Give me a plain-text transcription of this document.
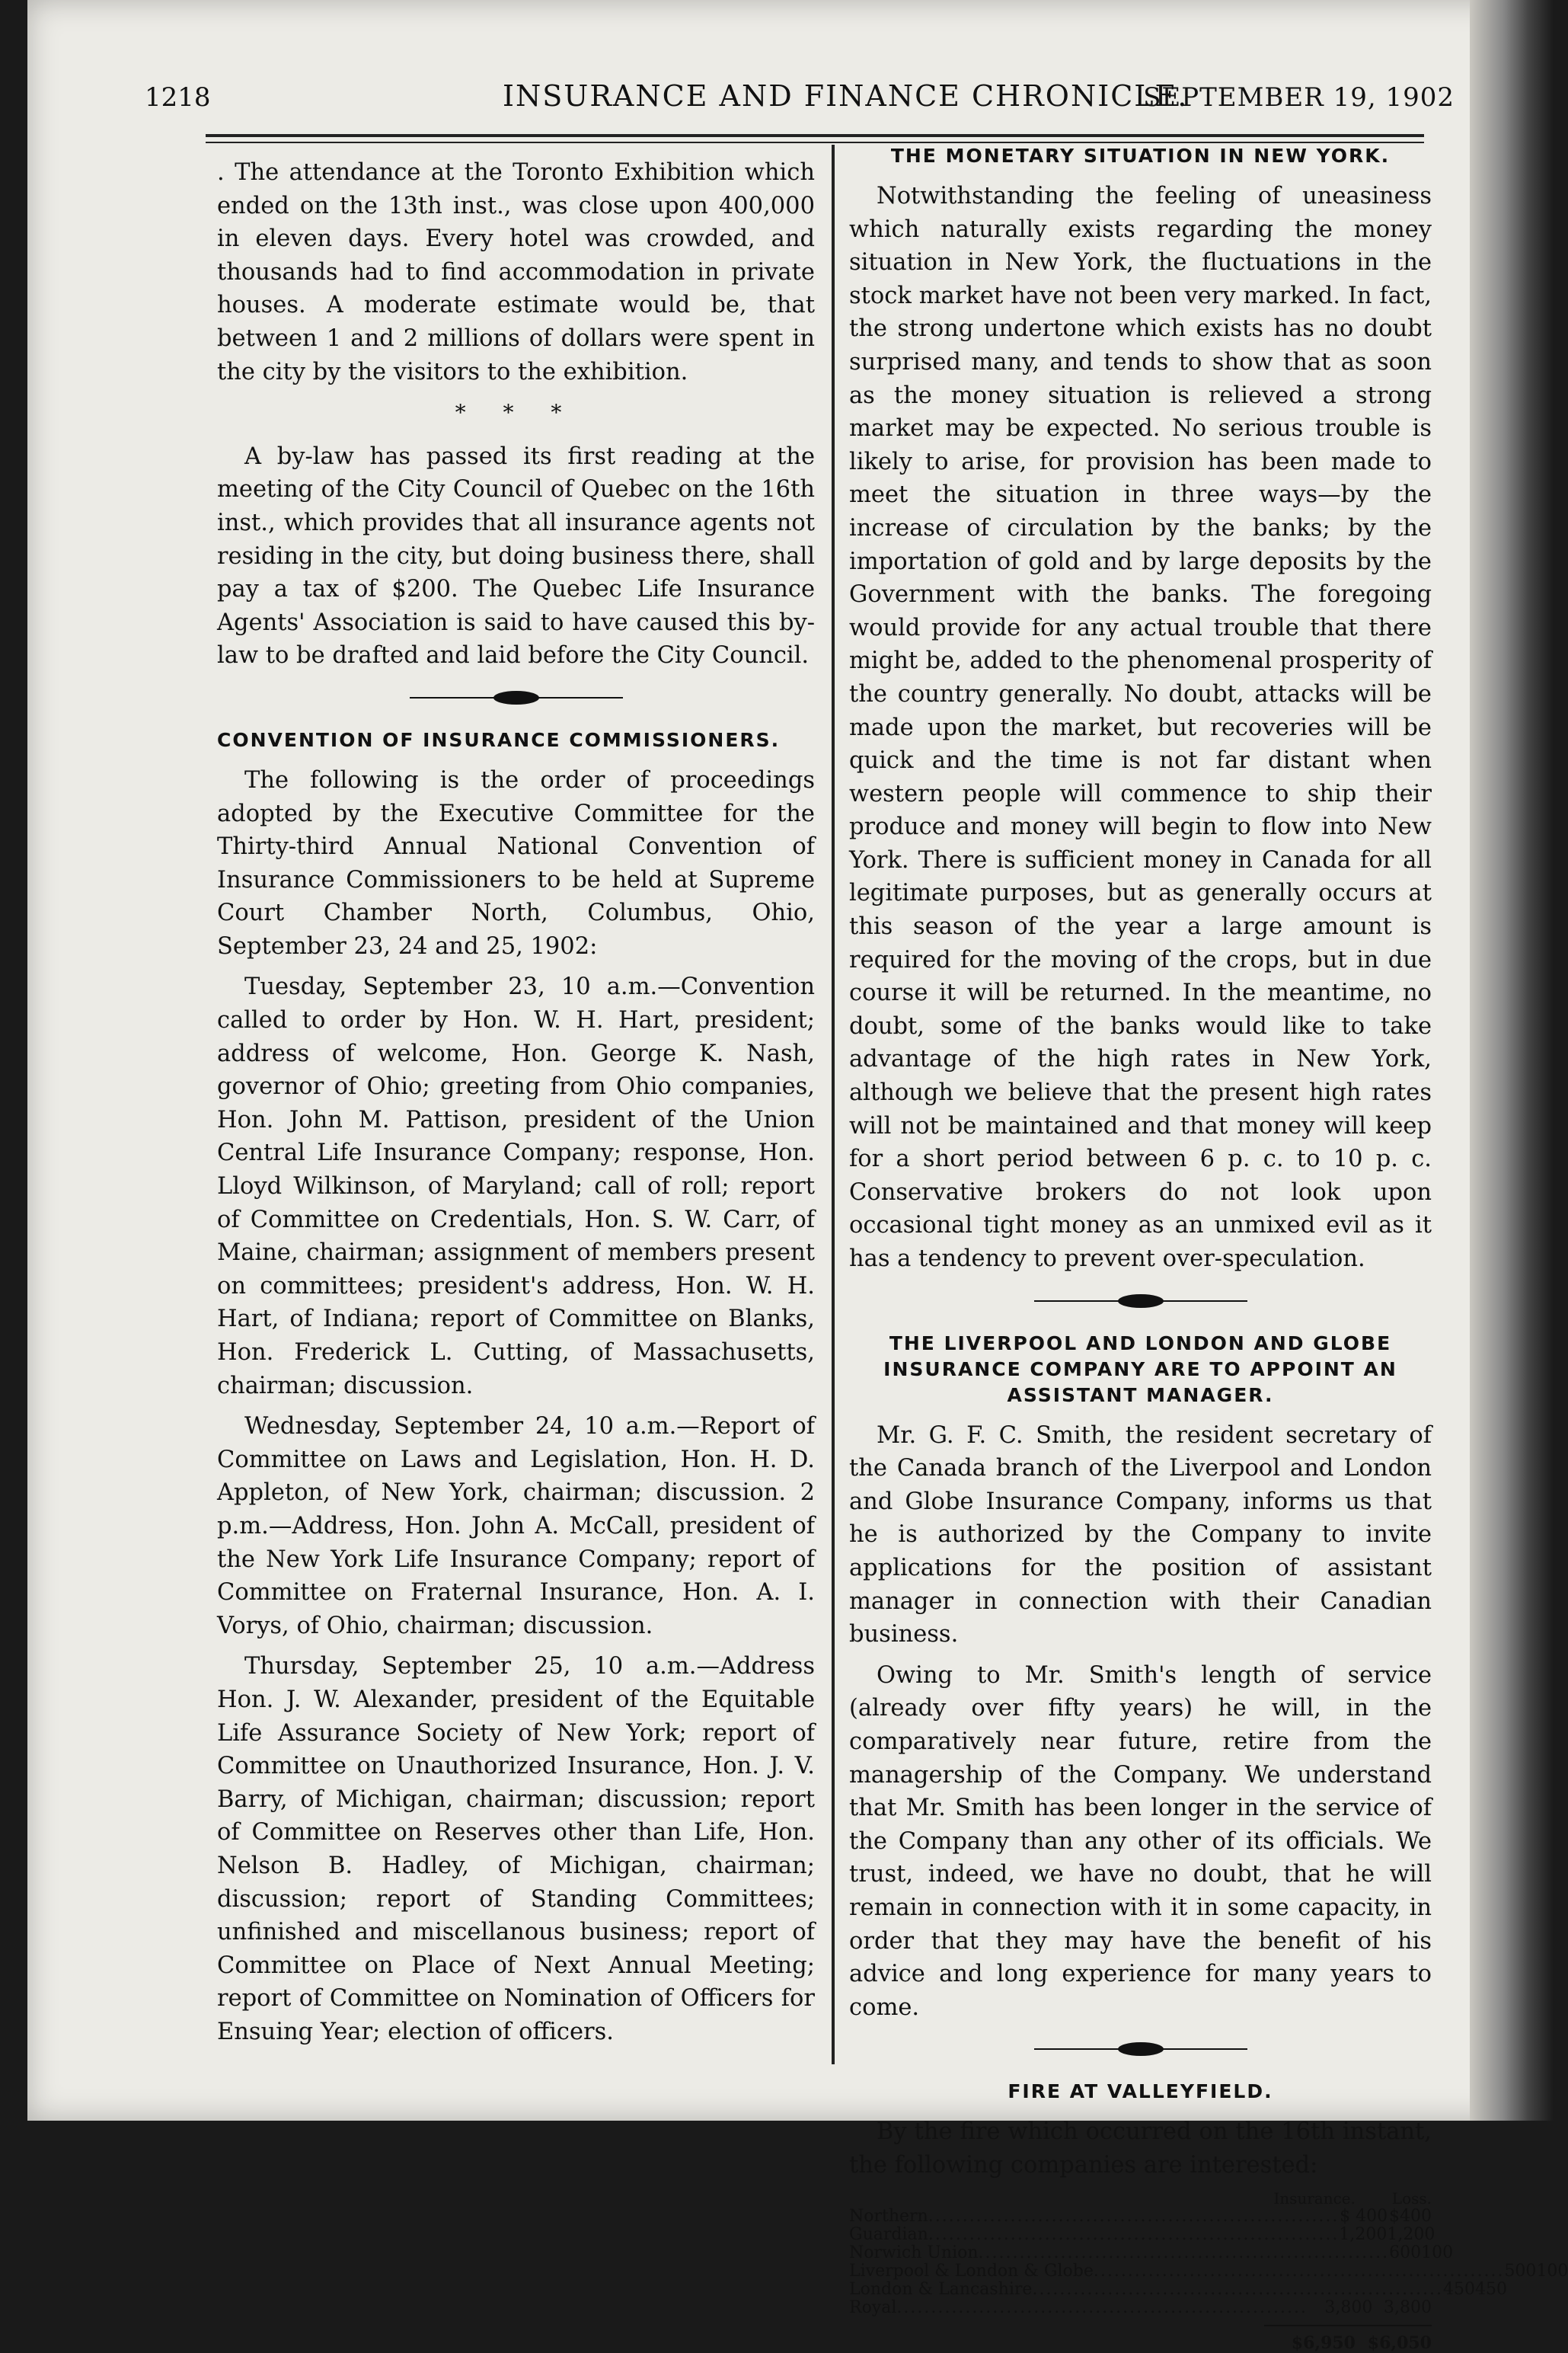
1218	INSURANCE AND FINANCE CHRONICLE.
SEPTEMBER 19, 1902

. The attendance at the Toronto Exhibition which ended on the 13th inst., was close upon 400,000 in eleven days. Every hotel was crowded, and thousands had to find accommodation in private houses. A moderate estimate would be, that between 1 and 2 millions of dollars were spent in the city by the visitors to the exhibition.

* * *

A by-law has passed its first reading at the meeting of the City Council of Quebec on the 16th inst., which provides that all insurance agents not residing in the city, but doing business there, shall pay a tax of $200. The Quebec Life Insurance Agents' Association is said to have caused this by-law to be drafted and laid before the City Council.

CONVENTION OF INSURANCE COMMISSIONERS.

The following is the order of proceedings adopted by the Executive Committee for the Thirty-third Annual National Convention of Insurance Commissioners to be held at Supreme Court Chamber North, Columbus, Ohio, September 23, 24 and 25, 1902:

Tuesday, September 23, 10 a.m.—Convention called to order by Hon. W. H. Hart, president; address of welcome, Hon. George K. Nash, governor of Ohio; greeting from Ohio companies, Hon. John M. Pattison, president of the Union Central Life Insurance Company; response, Hon. Lloyd Wilkinson, of Maryland; call of roll; report of Committee on Credentials, Hon. S. W. Carr, of Maine, chairman; assignment of members present on committees; president's address, Hon. W. H. Hart, of Indiana; report of Committee on Blanks, Hon. Frederick L. Cutting, of Massachusetts, chairman; discussion.

Wednesday, September 24, 10 a.m.—Report of Committee on Laws and Legislation, Hon. H. D. Appleton, of New York, chairman; discussion. 2 p.m.—Address, Hon. John A. McCall, president of the New York Life Insurance Company; report of Committee on Fraternal Insurance, Hon. A. I. Vorys, of Ohio, chairman; discussion.

Thursday, September 25, 10 a.m.—Address Hon. J. W. Alexander, president of the Equitable Life Assurance Society of New York; report of Committee on Unauthorized Insurance, Hon. J. V. Barry, of Michigan, chairman; discussion; report of Committee on Reserves other than Life, Hon. Nelson B. Hadley, of Michigan, chairman; discussion; report of Standing Committees; unfinished and miscellanous business; report of Committee on Place of Next Annual Meeting; report of Committee on Nomination of Officers for Ensuing Year; election of officers.

THE MONETARY SITUATION IN NEW YORK.

Notwithstanding the feeling of uneasiness which naturally exists regarding the money situation in New York, the fluctuations in the stock market have not been very marked. In fact, the strong undertone which exists has no doubt surprised many, and tends to show that as soon as the money situation is relieved a strong market may be expected. No serious trouble is likely to arise, for provision has been made to meet the situation in three ways—by the increase of circulation by the banks; by the importation of gold and by large deposits by the Government with the banks. The foregoing would provide for any actual trouble that there might be, added to the phenomenal prosperity of the country generally. No doubt, attacks will be made upon the market, but recoveries will be quick and the time is not far distant when western people will commence to ship their produce and money will begin to flow into New York. There is sufficient money in Canada for all legitimate purposes, but as generally occurs at this season of the year a large amount is required for the moving of the crops, but in due course it will be returned. In the meantime, no doubt, some of the banks would like to take advantage of the high rates in New York, although we believe that the present high rates will not be maintained and that money will keep for a short period between 6 p. c. to 10 p. c. Conservative brokers do not look upon occasional tight money as an unmixed evil as it has a tendency to prevent over-speculation.

THE LIVERPOOL AND LONDON AND GLOBE INSURANCE COMPANY ARE TO APPOINT AN ASSISTANT MANAGER.

Mr. G. F. C. Smith, the resident secretary of the Canada branch of the Liverpool and London and Globe Insurance Company, informs us that he is authorized by the Company to invite applications for the position of assistant manager in connection with their Canadian business.

Owing to Mr. Smith's length of service (already over fifty years) he will, in the comparatively near future, retire from the managership of the Company. We understand that Mr. Smith has been longer in the service of the Company than any other of its officials. We trust, indeed, we have no doubt, that he will remain in connection with it in some capacity, in order that they may have the benefit of his advice and long experience for many years to come.

FIRE AT VALLEYFIELD.

By the fire which occurred on the 16th instant, the following companies are interested:

Insurance.	Loss.
Northern ............................................................ $ 400 $400
Guardian ............................................................ 1,200 1,200
Norwich Union ............................................................ 600 100
Liverpool & London & Globe ............................................................ 500 100
London & Lancashire ............................................................ 450 450
Royal ............................................................	3,800 3,800
$6,950 $6,050
